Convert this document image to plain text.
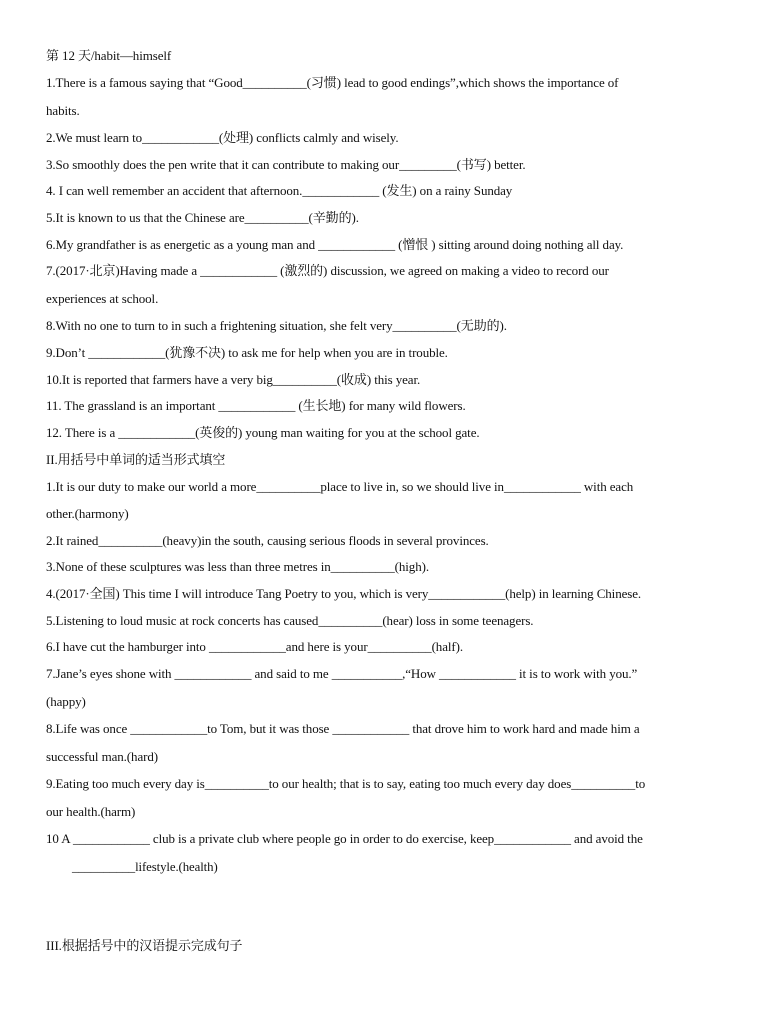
第 12 天/habit—himself
1.There is a famous saying that “Good__________(习惯) lead to good endings”,which shows the importance of
habits.
2.We must learn to____________(处理) conflicts calmly and wisely.
3.So smoothly does the pen write that it can contribute to making our_________(书写) better.
4. I can well remember an accident that afternoon.____________ (发生) on a rainy Sunday
5.It is known to us that the Chinese are__________(辛勤的).
6.My grandfather is as energetic as a young man and ____________ (憎恨 ) sitting around doing nothing all day.
7.(2017·北京)Having made a ____________ (激烈的) discussion, we agreed on making a video to record our
experiences at school.
8.With no one to turn to in such a frightening situation, she felt very__________(无助的).
9.Don’t ____________(犹豫不决) to ask me for help when you are in trouble.
10.It is reported that farmers have a very big__________(收成) this year.
11. The grassland is an important ____________ (生长地) for many wild flowers.
12. There is a ____________(英俊的) young man waiting for you at the school gate.
II.用括号中单词的适当形式填空
1.It is our duty to make our world a more__________place to live in, so we should live in____________ with each
other.(harmony)
2.It rained__________(heavy)in the south, causing serious floods in several provinces.
3.None of these sculptures was less than three metres in__________(high).
4.(2017·全国) This time I will introduce Tang Poetry to you, which is very____________(help) in learning Chinese.
5.Listening to loud music at rock concerts has caused__________(hear) loss in some teenagers.
6.I have cut the hamburger into ____________and here is your__________(half).
7.Jane’s eyes shone with ____________ and said to me ___________,“How ____________ it is to work with you.”
(happy)
8.Life was once ____________to Tom, but it was those ____________ that drove him to work hard and made him a
successful man.(hard)
9.Eating too much every day is__________to our health; that is to say, eating too much every day does__________to
our health.(harm)
10 A ____________ club is a private club where people go in order to do exercise, keep____________ and avoid the
__________lifestyle.(health)
III.根据括号中的汉语提示完成句子
